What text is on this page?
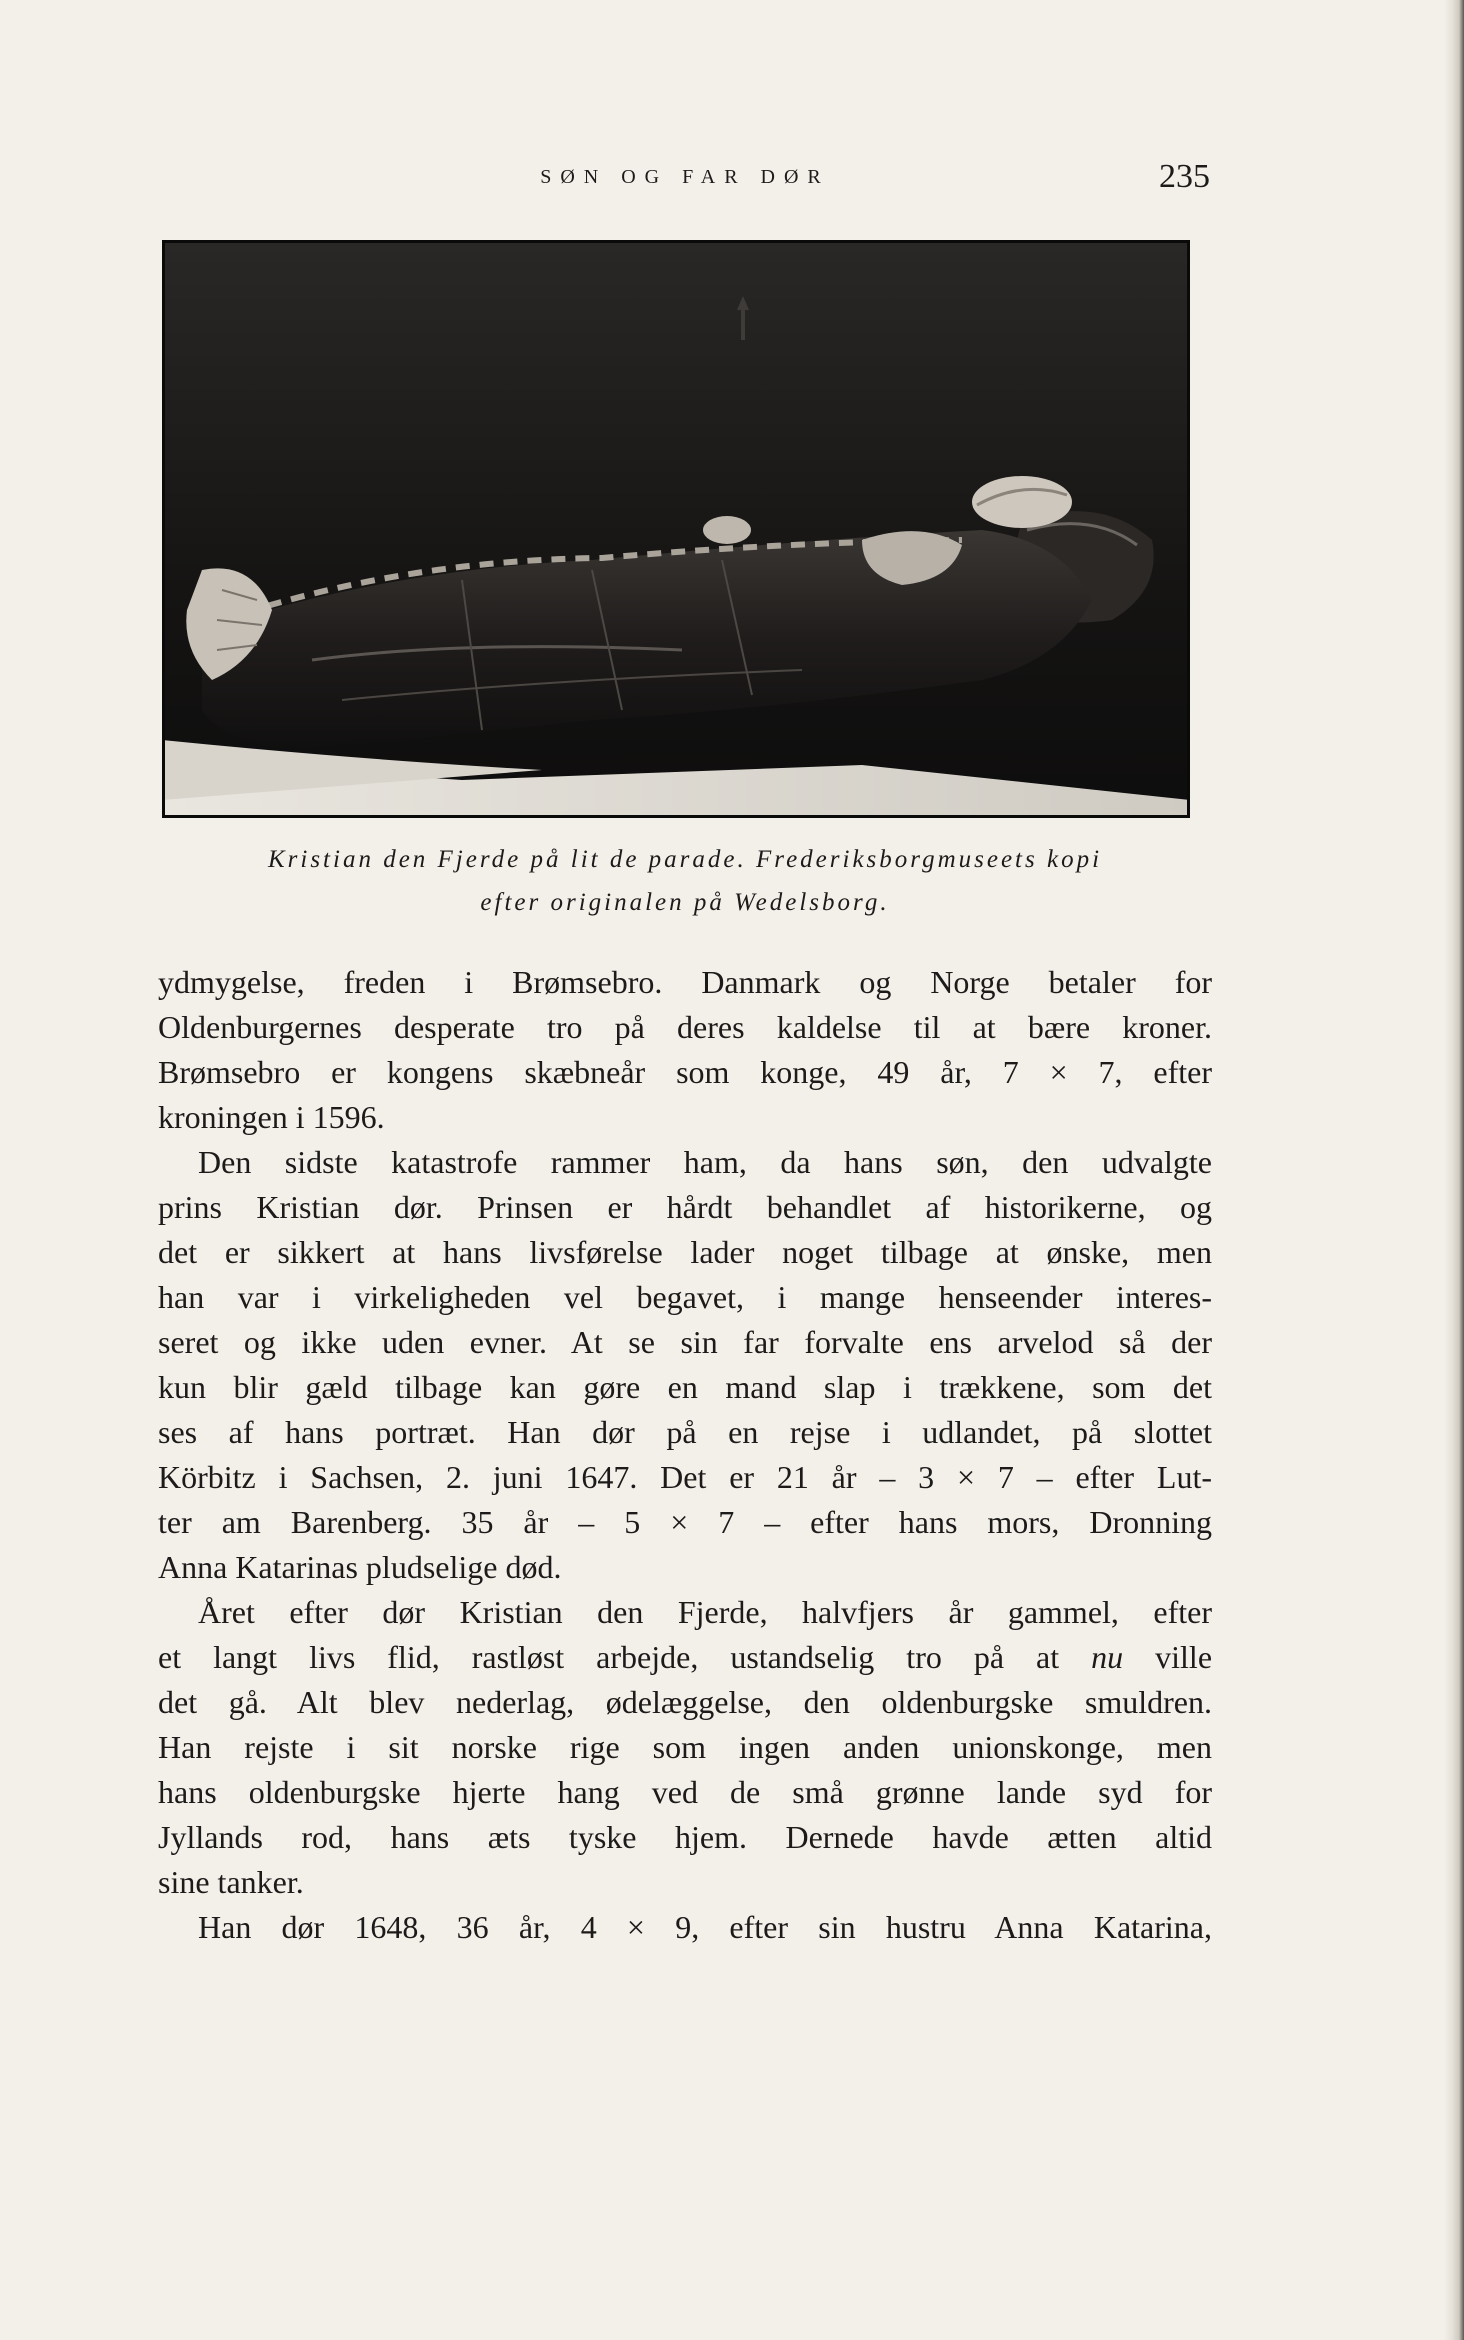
SØN OG FAR DØR	235
Kristian den Fjerde på lit de parade. Frederiksborgmuseets kopi
efter originalen på Wedelsborg.
ydmygelse, freden i Brømsebro. Danmark og Norge betaler for
Oldenburgernes desperate tro på deres kaldelse til at bære kroner.
Brømsebro er kongens skæbneår som konge, 49 år, 7 × 7, efter
kroningen i 1596.
Den sidste katastrofe rammer ham, da hans søn, den udvalgte
prins Kristian dør. Prinsen er hårdt behandlet af historikerne, og
det er sikkert at hans livsførelse lader noget tilbage at ønske, men
han var i virkeligheden vel begavet, i mange henseender interes-
seret og ikke uden evner. At se sin far forvalte ens arvelod så der
kun blir gæld tilbage kan gøre en mand slap i trækkene, som det
ses af hans portræt. Han dør på en rejse i udlandet, på slottet
Körbitz i Sachsen, 2. juni 1647. Det er 21 år – 3 × 7 – efter Lut-
ter am Barenberg. 35 år – 5 × 7 – efter hans mors, Dronning
Anna Katarinas pludselige død.
Året efter dør Kristian den Fjerde, halvfjers år gammel, efter
et langt livs flid, rastløst arbejde, ustandselig tro på at nu ville
det gå. Alt blev nederlag, ødelæggelse, den oldenburgske smuldren.
Han rejste i sit norske rige som ingen anden unionskonge, men
hans oldenburgske hjerte hang ved de små grønne lande syd for
Jyllands rod, hans æts tyske hjem. Dernede havde ætten altid
sine tanker.
Han dør 1648, 36 år, 4 × 9, efter sin hustru Anna Katarina,
